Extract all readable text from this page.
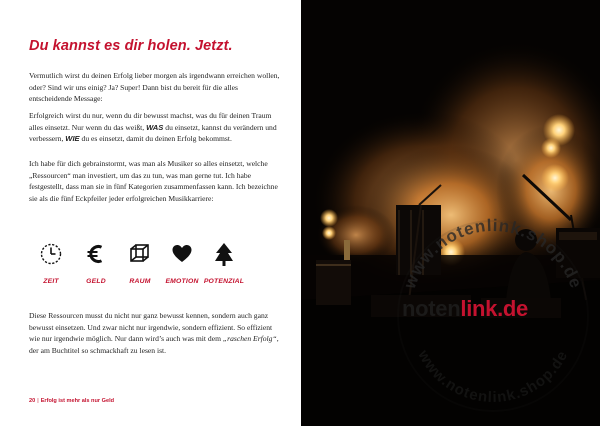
Du kannst es dir holen. Jetzt.
Vermutlich wirst du deinen Erfolg lieber morgen als irgendwann erreichen wollen, oder? Sind wir uns einig? Ja? Super! Dann bist du bereit für die alles entscheidende Message:
Erfolgreich wirst du nur, wenn du dir bewusst machst, was du für deinen Traum alles einsetzt. Nur wenn du das weißt, WAS du einsetzt, kannst du verändern und verbessern, WIE du es einsetzt, damit du deinen Erfolg bekommst.
Ich habe für dich gebrainstormt, was man als Musiker so alles einsetzt, welche „Ressourcen“ man investiert, um das zu tun, was man gerne tut. Ich habe festgestellt, dass man sie in fünf Kategorien zusammenfassen kann. Ich bezeichne sie als die fünf Eckpfeiler jeder erfolgreichen Musikkarriere:
ZEIT	GELD	RAUM	EMOTION POTENZIAL
Diese Ressourcen musst du nicht nur ganz bewusst kennen, sondern auch ganz bewusst einsetzen. Und zwar nicht nur irgendwie, sondern effizient. So effizient wie nur irgendwie möglich. Nur dann wird’s auch was mit dem „raschen Erfolg“, der am Buchtitel so schmackhaft zu lesen ist.
20 | Erfolg ist mehr als nur Geld
www.notenlink.shop.de
www.notenlink.shop.de
notenlink.de
